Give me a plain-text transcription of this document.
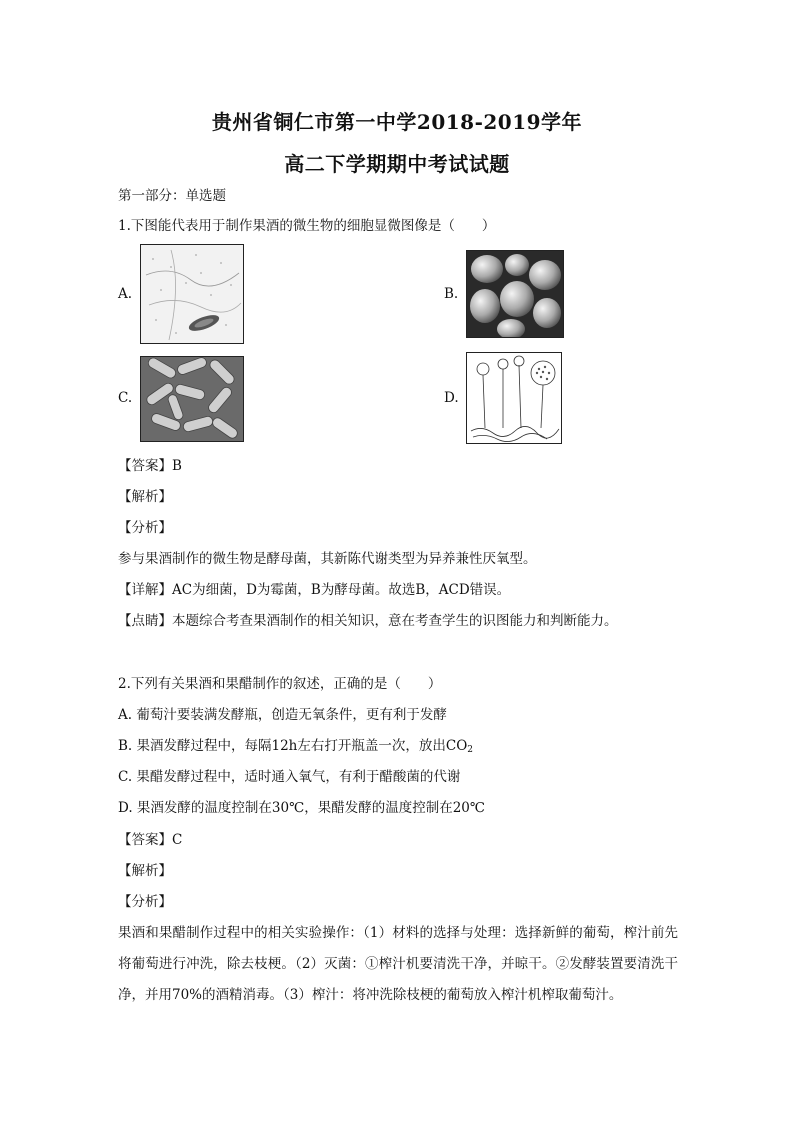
贵州省铜仁市第一中学2018-2019学年
高二下学期期中考试试题
第一部分：单选题
1.下图能代表用于制作果酒的微生物的细胞显微图像是（　　）
A.	B.
C.	D.
【答案】B
【解析】
【分析】
参与果酒制作的微生物是酵母菌，其新陈代谢类型为异养兼性厌氧型。
【详解】AC为细菌，D为霉菌，B为酵母菌。故选B，ACD错误。
【点睛】本题综合考查果酒制作的相关知识，意在考查学生的识图能力和判断能力。
2.下列有关果酒和果醋制作的叙述，正确的是（　　）
A. 葡萄汁要装满发酵瓶，创造无氧条件，更有利于发酵
B. 果酒发酵过程中，每隔12h左右打开瓶盖一次，放出$CO_2$
C. 果醋发酵过程中，适时通入氧气，有利于醋酸菌的代谢
D. 果酒发酵的温度控制在30℃，果醋发酵的温度控制在20℃
【答案】C
【解析】
【分析】
果酒和果醋制作过程中的相关实验操作：（1）材料的选择与处理：选择新鲜的葡萄，榨汁前先将葡萄进行冲洗，除去枝梗。（2）灭菌：①榨汁机要清洗干净，并晾干。②发酵装置要清洗干净，并用70%的酒精消毒。（3）榨汁：将冲洗除枝梗的葡萄放入榨汁机榨取葡萄汁。
